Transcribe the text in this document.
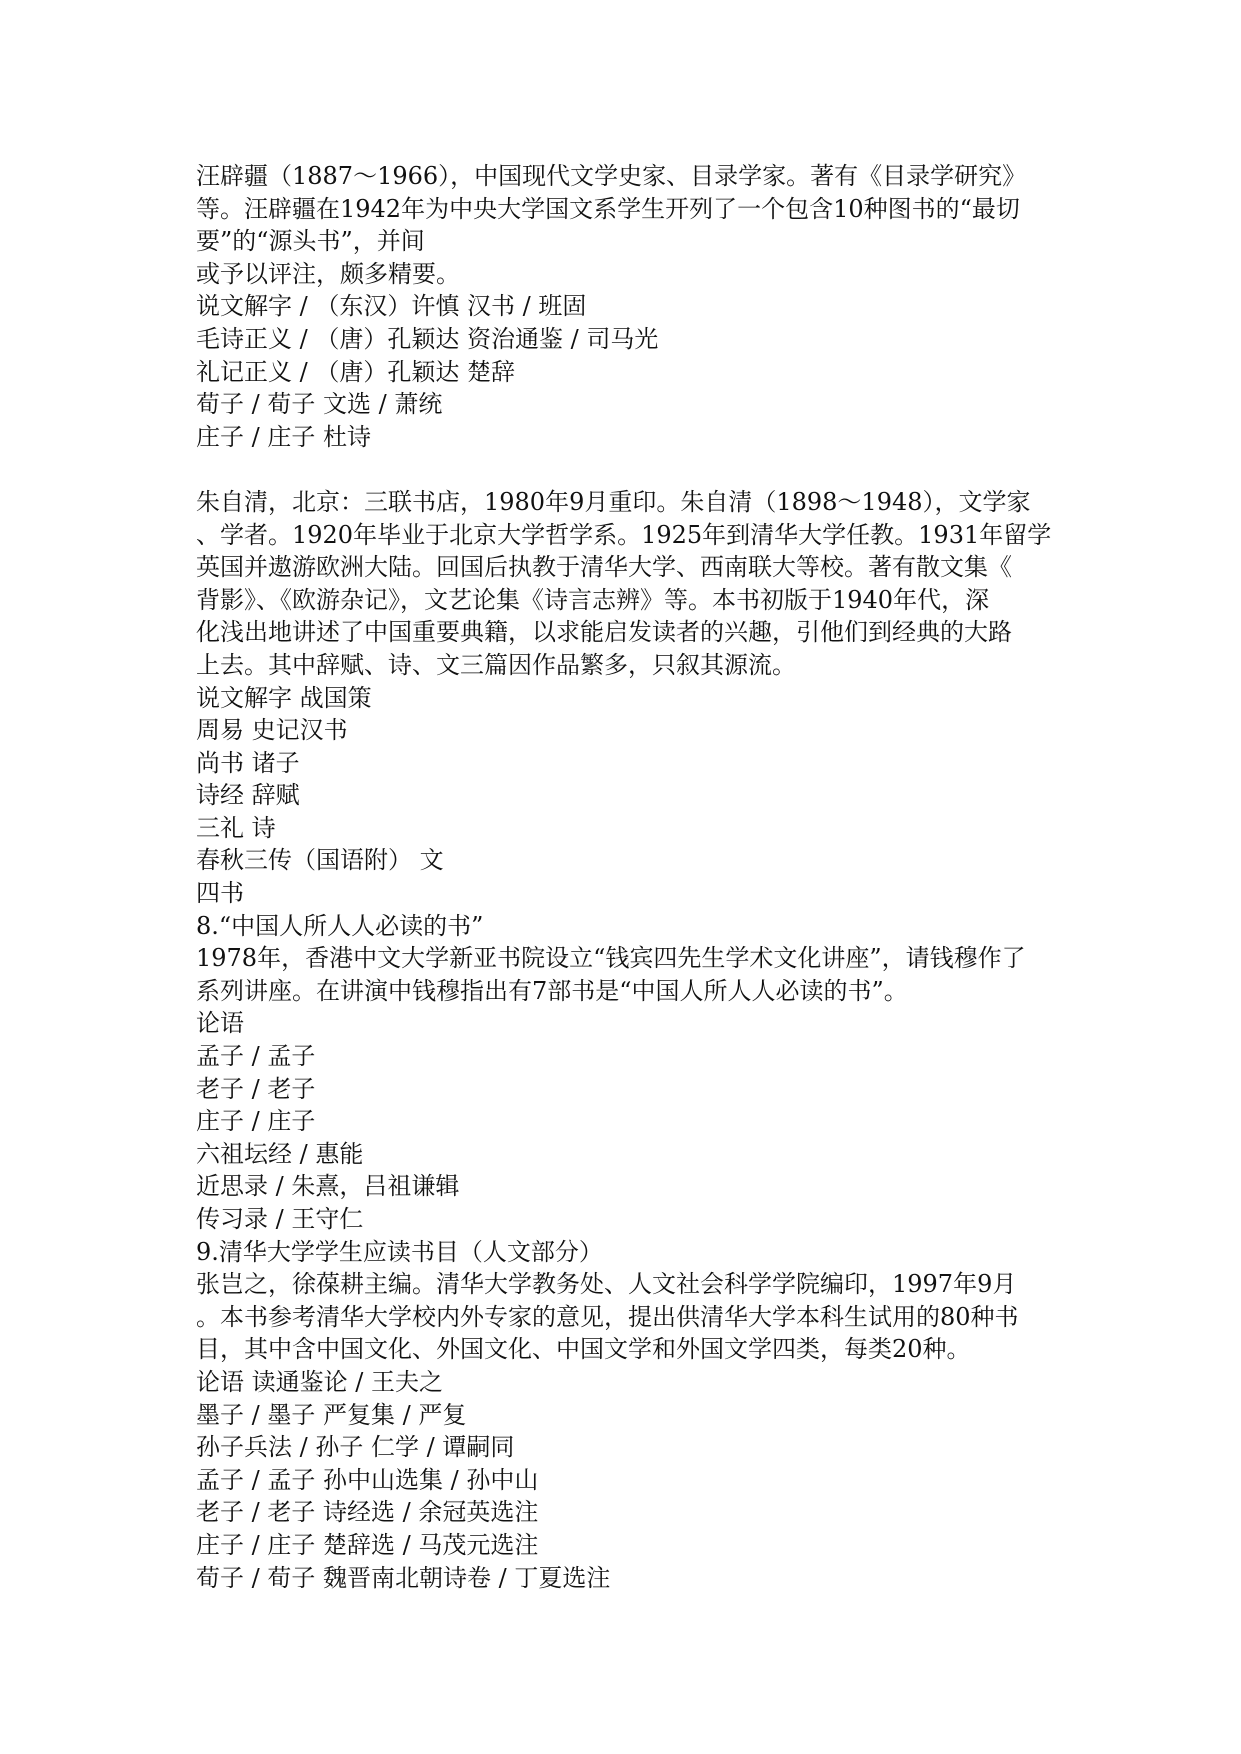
汪辟疆（1887～1966），中国现代文学史家、目录学家。著有《目录学研究》
等。汪辟疆在1942年为中央大学国文系学生开列了一个包含10种图书的“最切
要”的“源头书”，并间
或予以评注，颇多精要。
说文解字 / （东汉）许慎 汉书 / 班固
毛诗正义 / （唐）孔颖达 资治通鉴 / 司马光
礼记正义 / （唐）孔颖达 楚辞
荀子 / 荀子 文选 / 萧统
庄子 / 庄子 杜诗
朱自清，北京：三联书店，1980年9月重印。朱自清（1898～1948），文学家
、学者。1920年毕业于北京大学哲学系。1925年到清华大学任教。1931年留学
英国并遨游欧洲大陆。回国后执教于清华大学、西南联大等校。著有散文集《
背影》、《欧游杂记》，文艺论集《诗言志辨》等。本书初版于1940年代，深
化浅出地讲述了中国重要典籍，以求能启发读者的兴趣，引他们到经典的大路
上去。其中辞赋、诗、文三篇因作品繁多，只叙其源流。
说文解字 战国策
周易 史记汉书
尚书 诸子
诗经 辞赋
三礼 诗
春秋三传（国语附） 文
四书
8.“中国人所人人必读的书”
1978年，香港中文大学新亚书院设立“钱宾四先生学术文化讲座”，请钱穆作了
系列讲座。在讲演中钱穆指出有7部书是“中国人所人人必读的书”。
论语
孟子 / 孟子
老子 / 老子
庄子 / 庄子
六祖坛经 / 惠能
近思录 / 朱熹，吕祖谦辑
传习录 / 王守仁
9.清华大学学生应读书目（人文部分）
张岂之，徐葆耕主编。清华大学教务处、人文社会科学学院编印，1997年9月
。本书参考清华大学校内外专家的意见，提出供清华大学本科生试用的80种书
目，其中含中国文化、外国文化、中国文学和外国文学四类，每类20种。
论语 读通鉴论 / 王夫之
墨子 / 墨子 严复集 / 严复
孙子兵法 / 孙子 仁学 / 谭嗣同
孟子 / 孟子 孙中山选集 / 孙中山
老子 / 老子 诗经选 / 余冠英选注
庄子 / 庄子 楚辞选 / 马茂元选注
荀子 / 荀子 魏晋南北朝诗卷 / 丁夏选注
